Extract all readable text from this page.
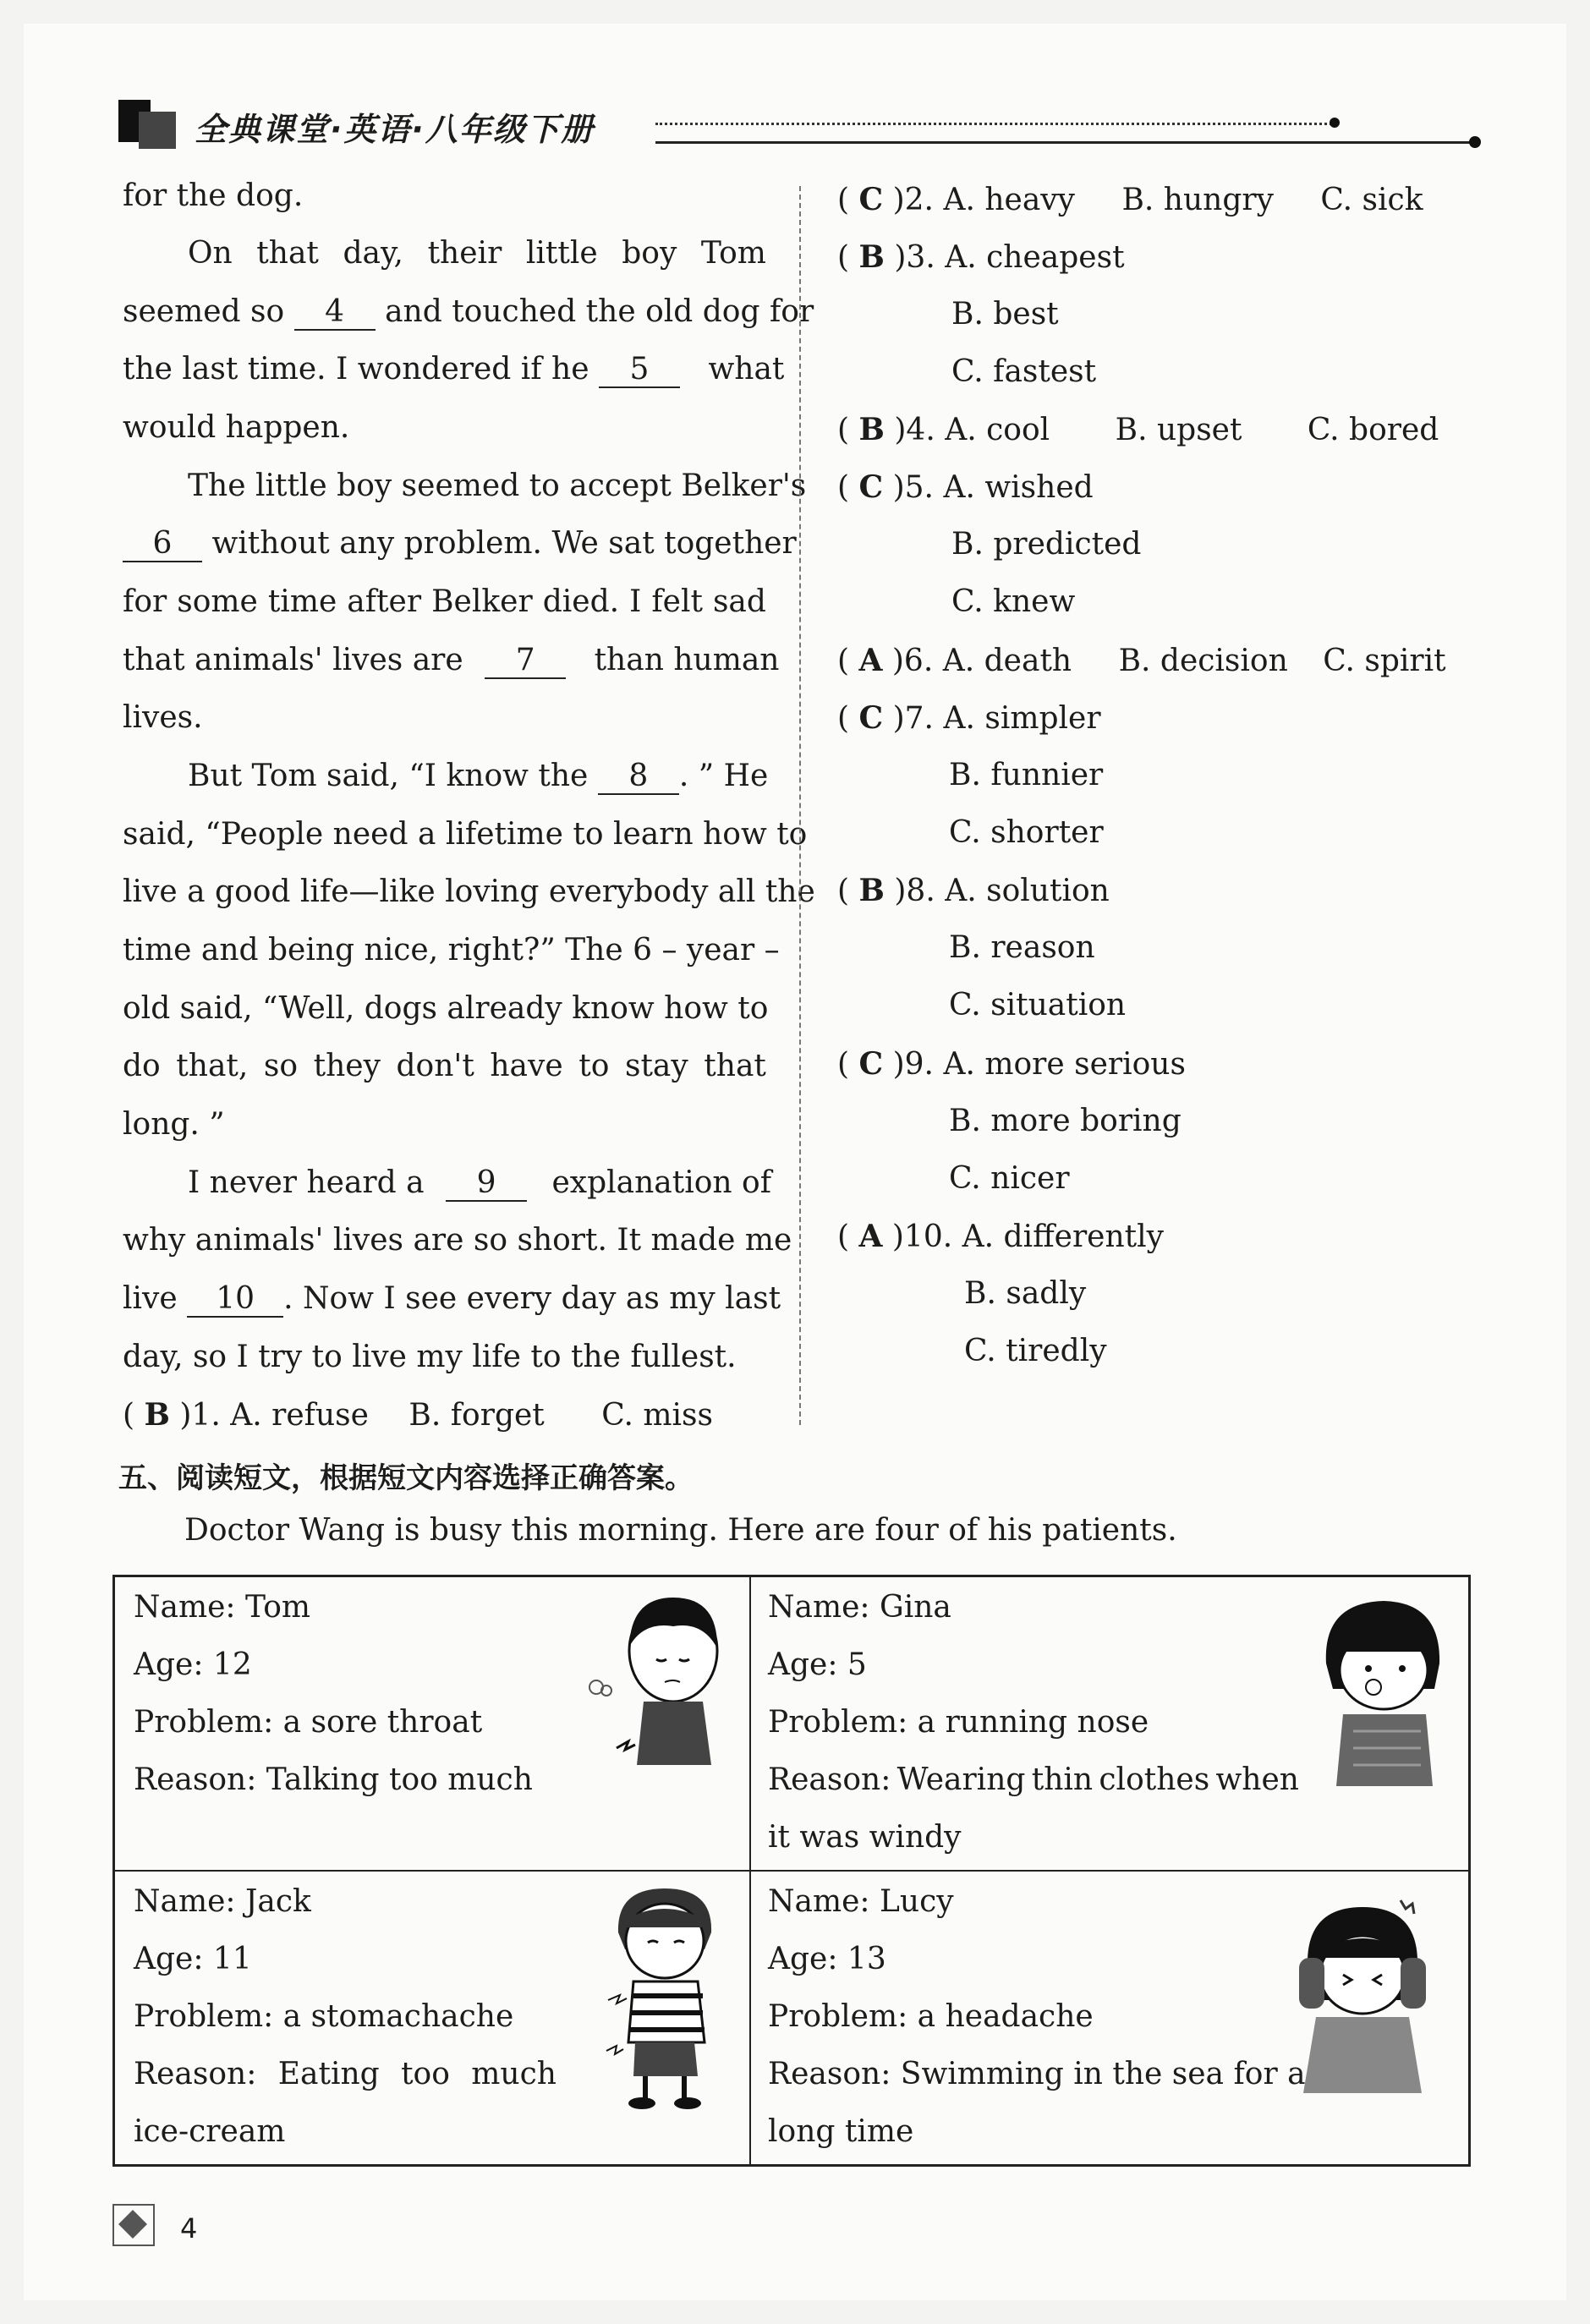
全典课堂·英语·八年级下册
for the dog.
On that day, their little boy Tom
seemed so 4 and touched the old dog for
the last time. I wondered if he 5 what
would happen.
The little boy seemed to accept Belker's
6 without any problem. We sat together
for some time after Belker died. I felt sad
that animals' lives are 7 than human
lives.
But Tom said, “I know the 8 . ” He
said, “People need a lifetime to learn how to
live a good life—like loving everybody all the
time and being nice, right?” The 6 – year –
old said, “Well, dogs already know how to
do that, so they don't have to stay that
long. ”
I never heard a 9 explanation of
why animals' lives are so short. It made me
live 10 . Now I see every day as my last
day, so I try to live my life to the fullest.
( B )1. A. refuse B. forget C. miss
( C )2. A. heavy B. hungry C. sick
( B )3. A. cheapest
B. best
C. fastest
( B )4. A. cool B. upset C. bored
( C )5. A. wished
B. predicted
C. knew
( A )6. A. death B. decision C. spirit
( C )7. A. simpler
B. funnier
C. shorter
( B )8. A. solution
B. reason
C. situation
( C )9. A. more serious
B. more boring
C. nicer
( A )10. A. differently
B. sadly
C. tiredly
五、阅读短文，根据短文内容选择正确答案。
Doctor Wang is busy this morning. Here are four of his patients.
Name: Tom
Age: 12
Problem: a sore throat
Reason: Talking too much
Name: Gina
Age: 5
Problem: a running nose
Reason: Wearing thin clothes when
it was windy
Name: Jack
Age: 11
Problem: a stomachache
Reason: Eating too much
ice-cream
Name: Lucy
Age: 13
Problem: a headache
Reason: Swimming in the sea for a
long time
4
